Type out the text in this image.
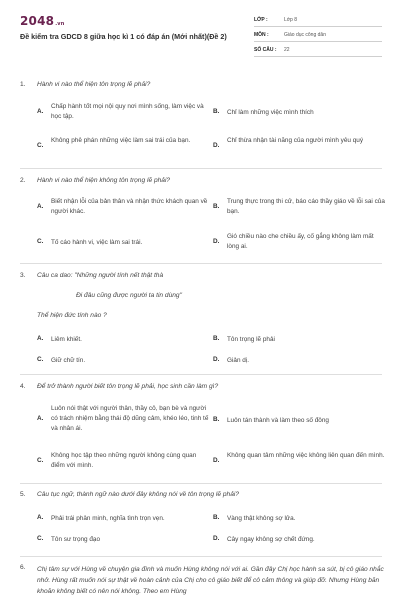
2048.vn
Đề kiểm tra GDCD 8 giữa học kì 1 có đáp án (Mới nhất)(Đề 2)
LỚP :	Lớp 8
MÔN :	Giáo dục công dân
SỐ CÂU :	22
1.	Hành vi nào thể hiện tôn trọng lẽ phải?
A.
Chấp hành tốt mọi nội quy nơi mình sống, làm việc và học tập.
B. Chỉ làm những việc mình thích
C.
Không phê phán những việc làm sai trái của bạn.
D.
Chỉ thừa nhận tài năng của người mình yêu quý
2.	Hành vi nào thể hiện không tôn trọng lẽ phải?
A.
Biết nhận lỗi của bản thân và nhận thức khách quan về người khác.
B.
Trung thực trong thi cử, báo cáo thầy giáo về lỗi sai của bạn.
C. Tố cáo hành vi, việc làm sai trái.	D.
Gió chiều nào che chiều ấy, cố gắng không làm mất lòng ai.
3.	Câu ca dao: "Những người tính nết thật thà
Đi đâu cũng được người ta tin dùng"
Thể hiện đức tính nào ?
A. Liêm khiết.	B. Tôn trọng lẽ phải
C. Giữ chữ tín.	D. Giản dị.
4.	Để trở thành người biết tôn trọng lẽ phải, học sinh cần làm gì?
A.
Luôn nói thật với người thân, thầy cô, bạn bè và người có trách nhiệm bằng thái độ dũng cảm, khéo léo, tinh tế và nhân ái.
B. Luôn tán thành và làm theo số đông
C.
Không học tập theo những người không cùng quan điểm với mình.
D.
Không quan tâm những việc không liên quan đến mình.
5.	Câu tục ngữ, thành ngữ nào dưới đây không nói về tôn trọng lẽ phải?
A. Phải trái phân minh, nghĩa tình trọn vẹn.	B. Vàng thật không sợ lửa.
C. Tôn sư trọng đạo	D. Cây ngay không sợ chết đứng.
6.	Chị tâm sự với Hùng về chuyện gia đình và muốn Hùng không nói với ai. Gần đây Chị học hành sa sút, bị cô giáo nhắc nhở. Hùng rất muốn nói sự thật về hoàn cảnh của Chị cho cô giáo biết để cô cảm thông và giúp đỡ. Nhưng Hùng băn khoăn không biết có nên nói không. Theo em Hùng
